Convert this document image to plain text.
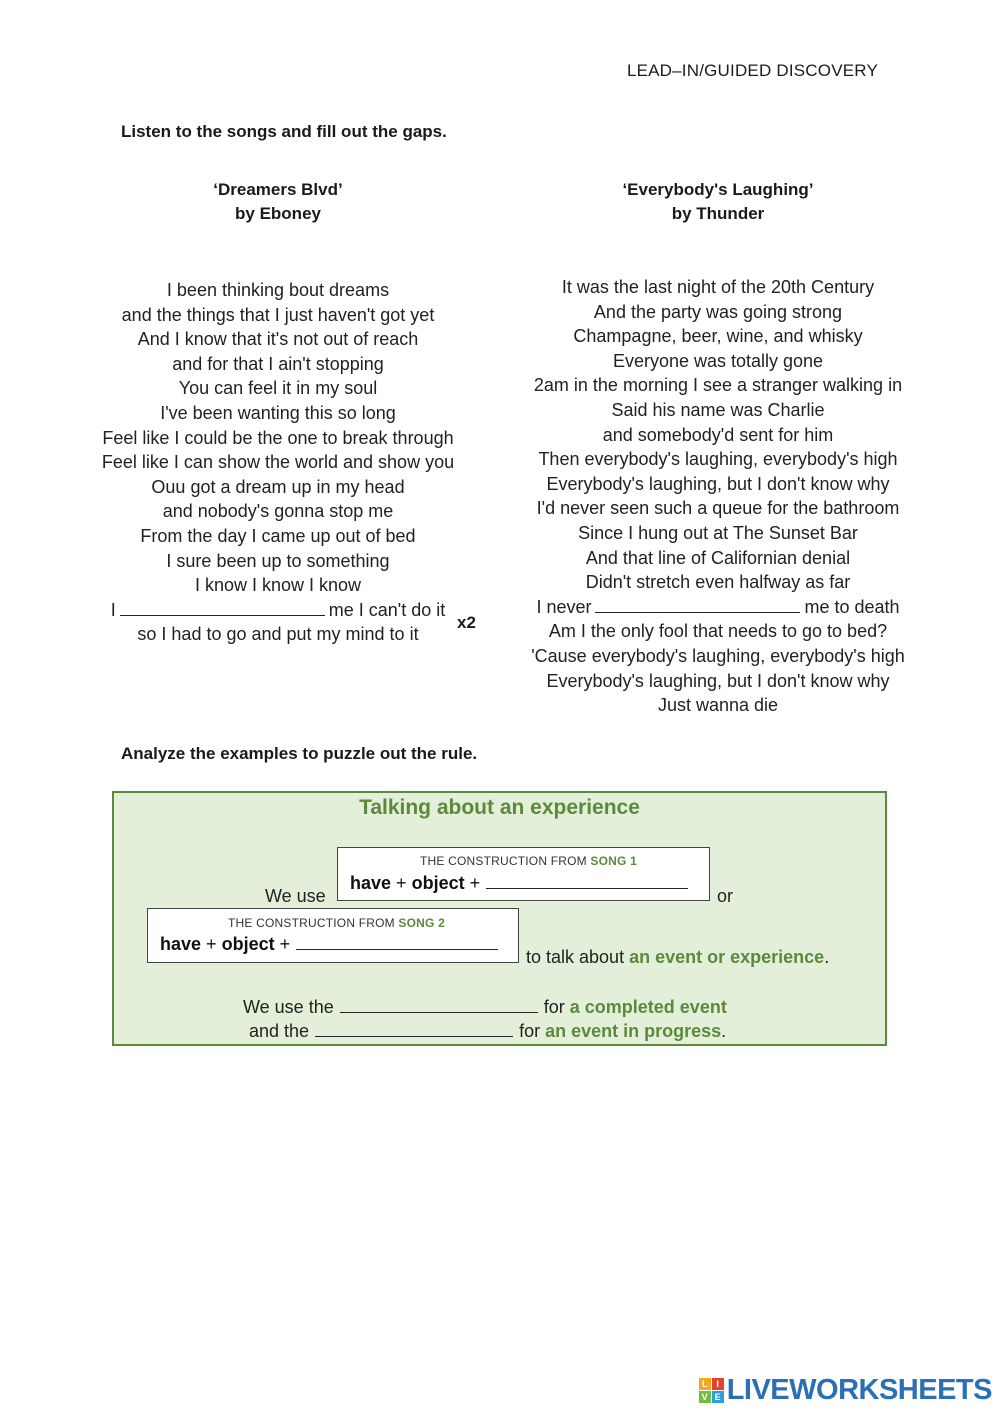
LEAD–IN/GUIDED DISCOVERY
Listen to the songs and fill out the gaps.
‘Dreamers Blvd’
by Eboney
‘Everybody's Laughing’
by Thunder
I been thinking bout dreams
and the things that I just haven't got yet
And I know that it's not out of reach
and for that I ain't stopping
You can feel it in my soul
I've been wanting this so long
Feel like I could be the one to break through
Feel like I can show the world and show you
Ouu got a dream up in my head
and nobody's gonna stop me
From the day I came up out of bed
I sure been up to something
I know I know I know
I	me I can't do it
so I had to go and put my mind to it
x2
It was the last night of the 20th Century
And the party was going strong
Champagne, beer, wine, and whisky
Everyone was totally gone
2am in the morning I see a stranger walking in
Said his name was Charlie
and somebody'd sent for him
Then everybody's laughing, everybody's high
Everybody's laughing, but I don't know why
I'd never seen such a queue for the bathroom
Since I hung out at The Sunset Bar
And that line of Californian denial
Didn't stretch even halfway as far
I never	me to death
Am I the only fool that needs to go to bed?
'Cause everybody's laughing, everybody's high
Everybody's laughing, but I don't know why
Just wanna die
Analyze the examples to puzzle out the rule.
Talking about an experience
We use
THE CONSTRUCTION FROM SONG 1
have + object +
or
THE CONSTRUCTION FROM SONG 2
have + object +
to talk about an event or experience.
We use the	for a completed event
and the	for an event in progress.
L I
V E LIVEWORKSHEETS
